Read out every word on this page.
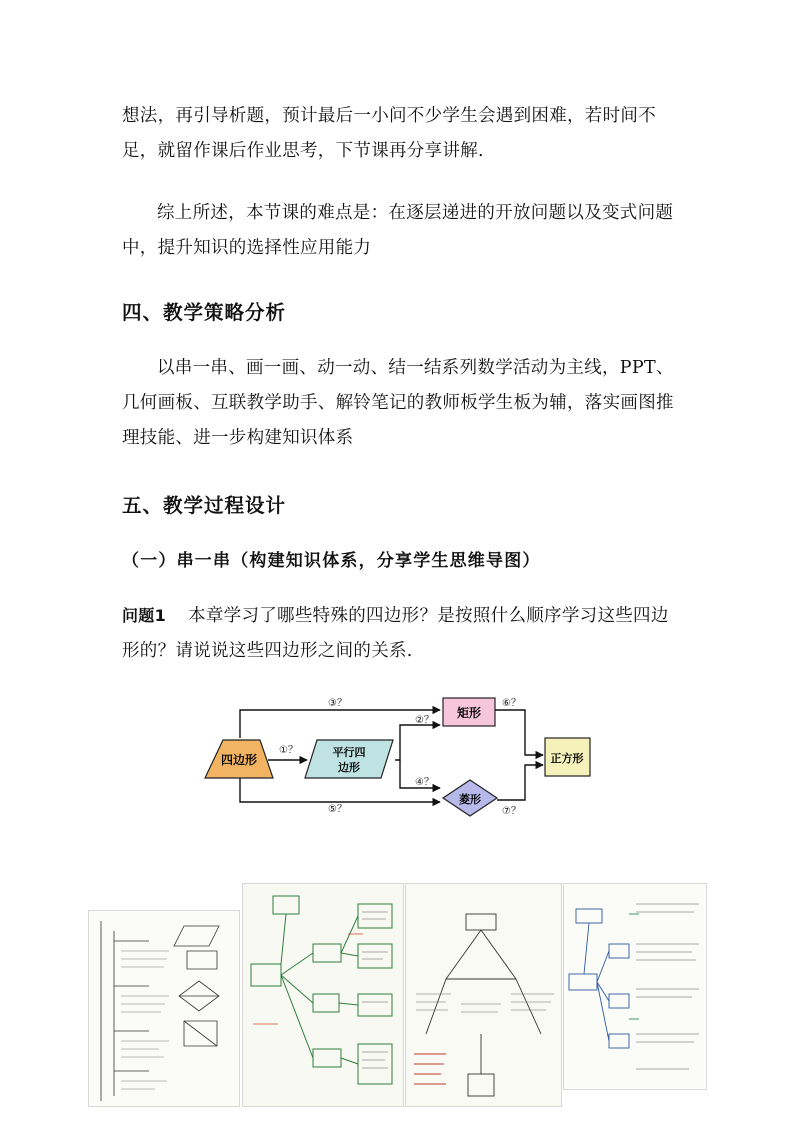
想法，再引导析题，预计最后一小问不少学生会遇到困难，若时间不足，就留作课后作业思考，下节课再分享讲解.

综上所述，本节课的难点是：在逐层递进的开放问题以及变式问题中，提升知识的选择性应用能力

四、教学策略分析

以串一串、画一画、动一动、结一结系列数学活动为主线，PPT、几何画板、互联教学助手、解铃笔记的教师板学生板为辅，落实画图推理技能、进一步构建知识体系

五、教学过程设计
（一）串一串（构建知识体系，分享学生思维导图）

问题1 本章学习了哪些特殊的四边形？是按照什么顺序学习这些四边形的？请说说这些四边形之间的关系.

四边形
平行四
边形
矩形
菱形
正方形
③？
①？
②？
④？
⑤？
⑥？
⑦？
